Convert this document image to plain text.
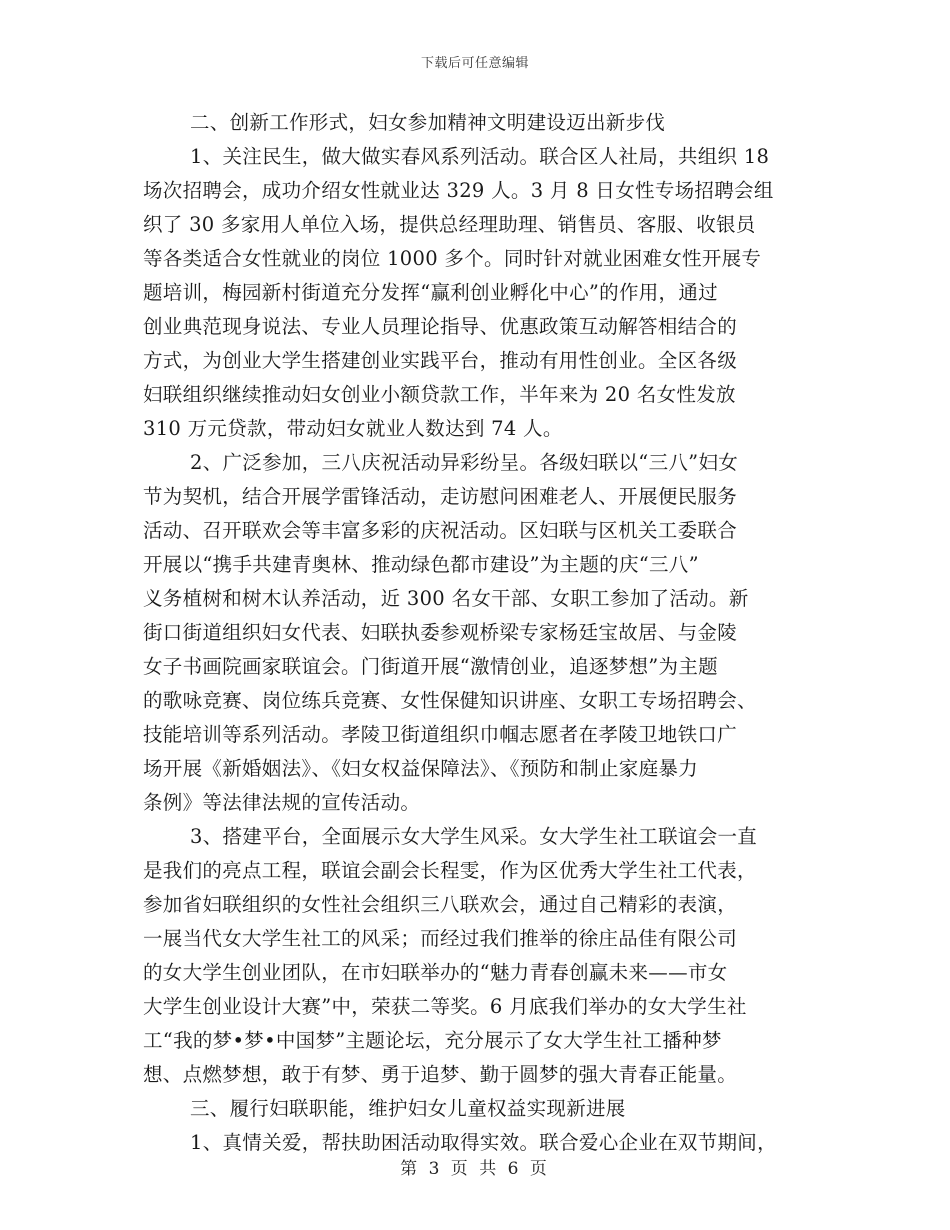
下载后可任意编辑
二、创新工作形式，妇女参加精神文明建设迈出新步伐
1、关注民生，做大做实春风系列活动。联合区人社局，共组织 18
场次招聘会，成功介绍女性就业达 329 人。3 月 8 日女性专场招聘会组
织了 30 多家用人单位入场，提供总经理助理、销售员、客服、收银员
等各类适合女性就业的岗位 1000 多个。同时针对就业困难女性开展专
题培训，梅园新村街道充分发挥“赢利创业孵化中心”的作用，通过
创业典范现身说法、专业人员理论指导、优惠政策互动解答相结合的
方式，为创业大学生搭建创业实践平台，推动有用性创业。全区各级
妇联组织继续推动妇女创业小额贷款工作，半年来为 20 名女性发放
310 万元贷款，带动妇女就业人数达到 74 人。
2、广泛参加，三八庆祝活动异彩纷呈。各级妇联以“三八”妇女
节为契机，结合开展学雷锋活动，走访慰问困难老人、开展便民服务
活动、召开联欢会等丰富多彩的庆祝活动。区妇联与区机关工委联合
开展以“携手共建青奥林、推动绿色都市建设”为主题的庆“三八”
义务植树和树木认养活动，近 300 名女干部、女职工参加了活动。新
街口街道组织妇女代表、妇联执委参观桥梁专家杨廷宝故居、与金陵
女子书画院画家联谊会。门街道开展“激情创业，追逐梦想”为主题
的歌咏竞赛、岗位练兵竞赛、女性保健知识讲座、女职工专场招聘会、
技能培训等系列活动。孝陵卫街道组织巾帼志愿者在孝陵卫地铁口广
场开展《新婚姻法》、《妇女权益保障法》、《预防和制止家庭暴力
条例》等法律法规的宣传活动。
3、搭建平台，全面展示女大学生风采。女大学生社工联谊会一直
是我们的亮点工程，联谊会副会长程雯，作为区优秀大学生社工代表，
参加省妇联组织的女性社会组织三八联欢会，通过自己精彩的表演，
一展当代女大学生社工的风采；而经过我们推举的徐庄品佳有限公司
的女大学生创业团队，在市妇联举办的“魅力青春创赢未来——市女
大学生创业设计大赛”中，荣获二等奖。6 月底我们举办的女大学生社
工“我的梦•梦•中国梦”主题论坛，充分展示了女大学生社工播种梦
想、点燃梦想，敢于有梦、勇于追梦、勤于圆梦的强大青春正能量。
三、履行妇联职能，维护妇女儿童权益实现新进展
1、真情关爱，帮扶助困活动取得实效。联合爱心企业在双节期间，
第 3 页 共 6 页
